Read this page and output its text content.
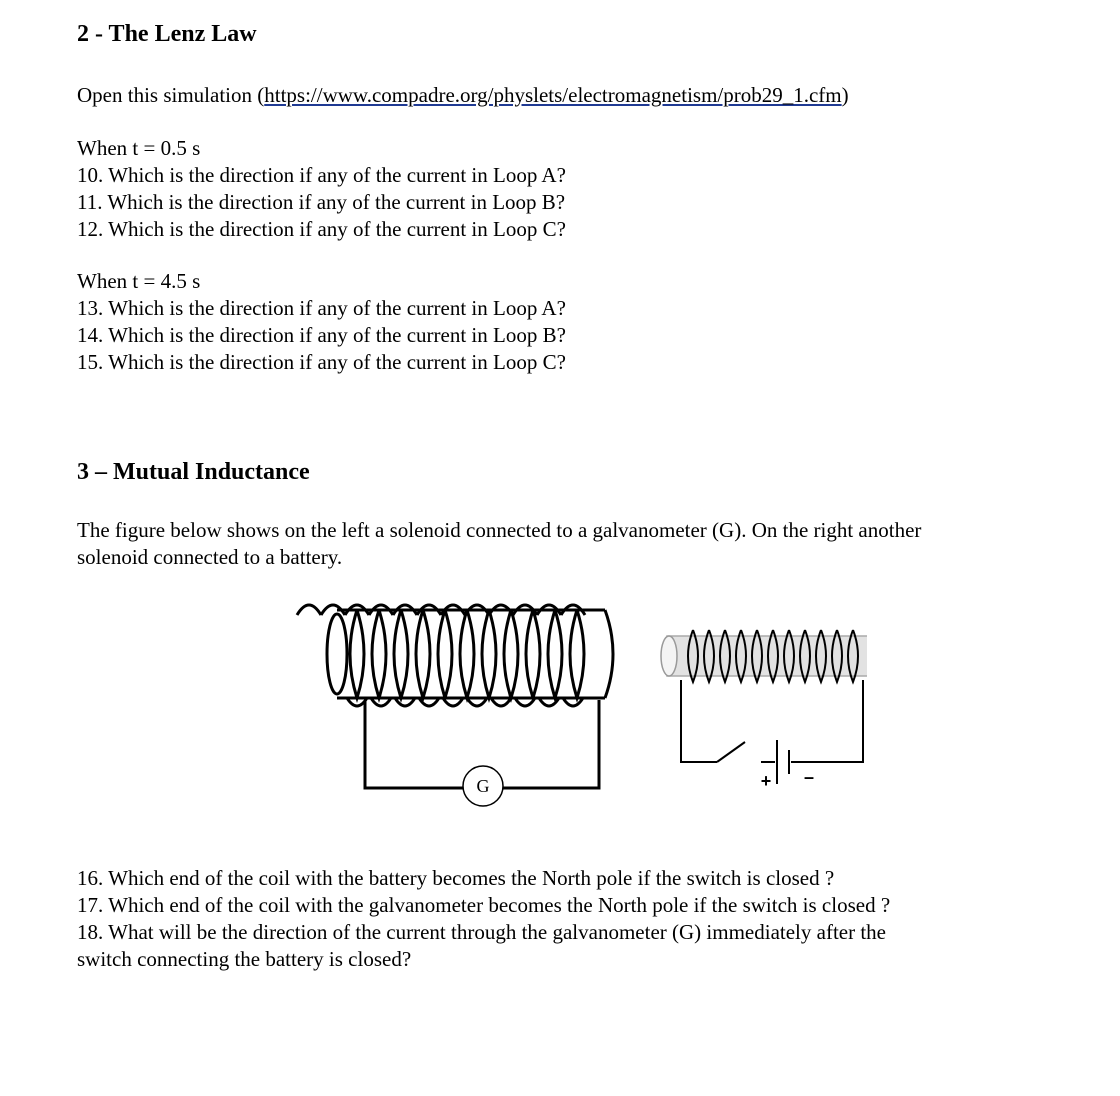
2 - The Lenz Law
Open this simulation (https://www.compadre.org/physlets/electromagnetism/prob29_1.cfm)
When t = 0.5 s
10. Which is the direction if any of the current in Loop A?
11. Which is the direction if any of the current in Loop B?
12. Which is the direction if any of the current in Loop C?
When t = 4.5 s
13. Which is the direction if any of the current in Loop A?
14. Which is the direction if any of the current in Loop B?
15. Which is the direction if any of the current in Loop C?
3 – Mutual Inductance
The figure below shows on the left a solenoid connected to a galvanometer (G). On the right another
solenoid connected to a battery.
G	+ –
16. Which end of the coil with the battery becomes the North pole if the switch is closed ?
17. Which end of the coil with the galvanometer becomes the North pole if the switch is closed ?
18. What will be the direction of the current through the galvanometer (G) immediately after the
switch connecting the battery is closed?
